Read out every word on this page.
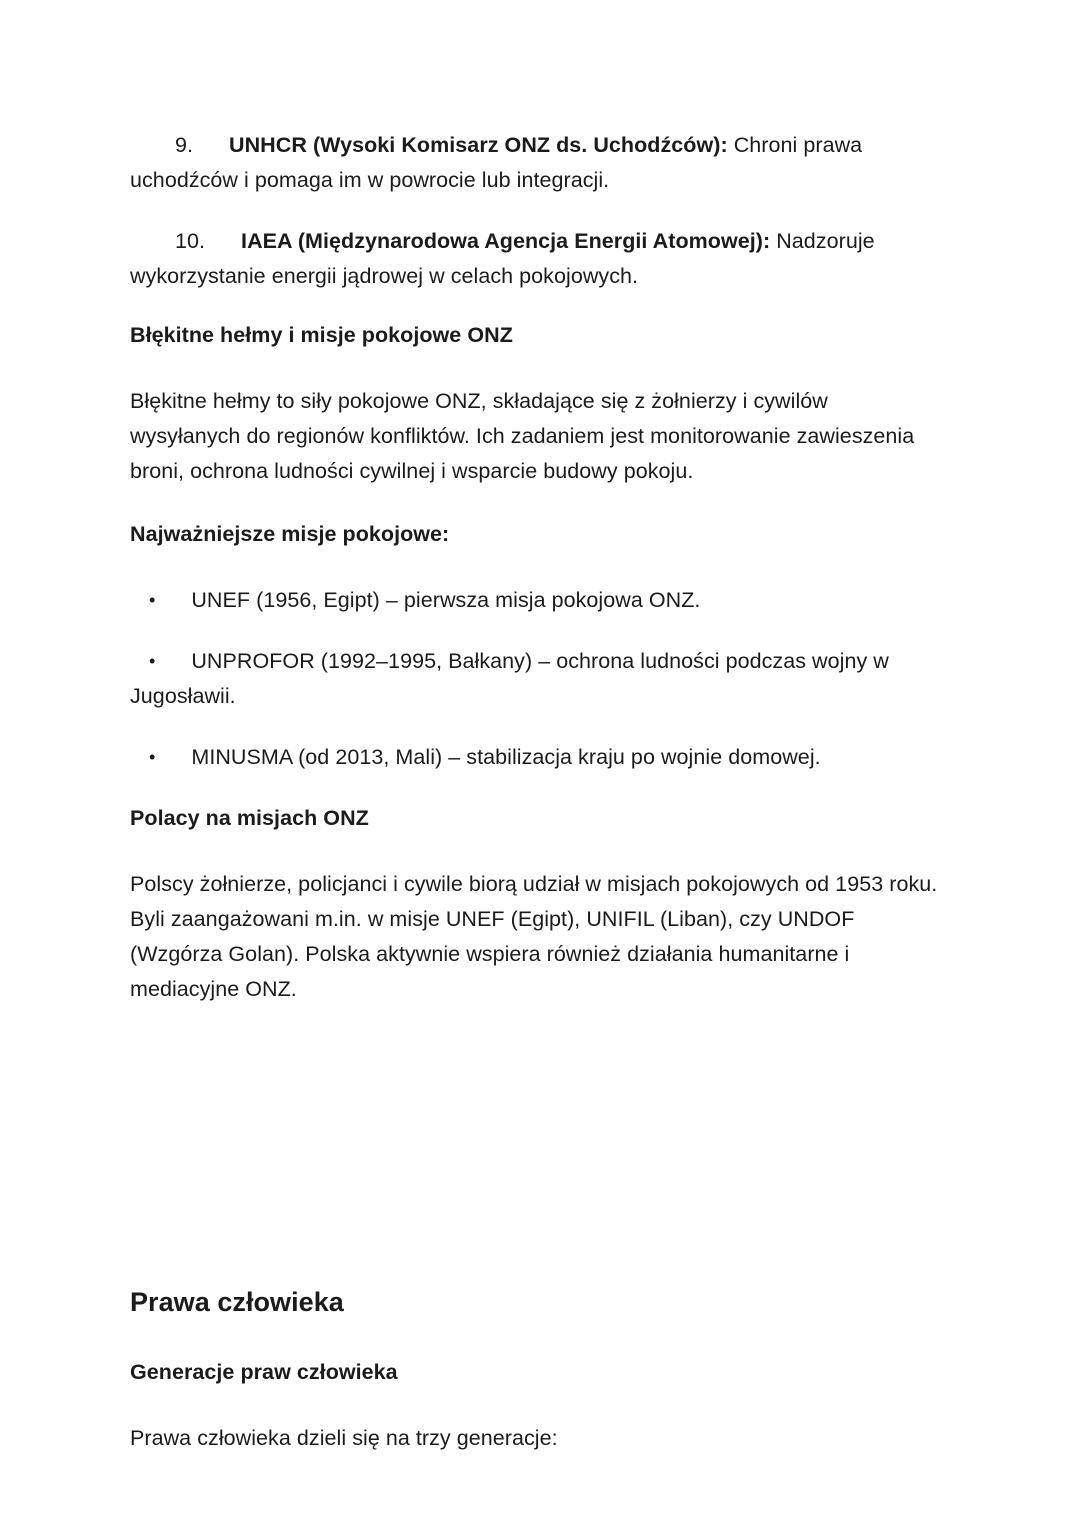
9. UNHCR (Wysoki Komisarz ONZ ds. Uchodźców): Chroni prawa uchodźców i pomaga im w powrocie lub integracji.

10. IAEA (Międzynarodowa Agencja Energii Atomowej): Nadzoruje wykorzystanie energii jądrowej w celach pokojowych.

Błękitne hełmy i misje pokojowe ONZ

Błękitne hełmy to siły pokojowe ONZ, składające się z żołnierzy i cywilów wysyłanych do regionów konfliktów. Ich zadaniem jest monitorowanie zawieszenia broni, ochrona ludności cywilnej i wsparcie budowy pokoju.

Najważniejsze misje pokojowe:
• UNEF (1956, Egipt) – pierwsza misja pokojowa ONZ.
• UNPROFOR (1992–1995, Bałkany) – ochrona ludności podczas wojny w Jugosławii.
• MINUSMA (od 2013, Mali) – stabilizacja kraju po wojnie domowej.
Polacy na misjach ONZ

Polscy żołnierze, policjanci i cywile biorą udział w misjach pokojowych od 1953 roku. Byli zaangażowani m.in. w misje UNEF (Egipt), UNIFIL (Liban), czy UNDOF (Wzgórza Golan). Polska aktywnie wspiera również działania humanitarne i mediacyjne ONZ.

Prawa człowieka
Generacje praw człowieka

Prawa człowieka dzieli się na trzy generacje:
